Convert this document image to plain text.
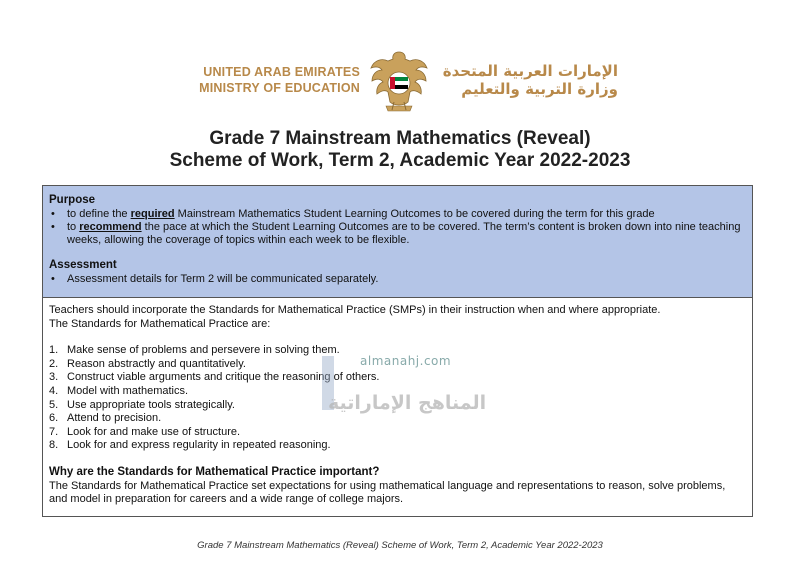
UNITED ARAB EMIRATES
MINISTRY OF EDUCATION
الإمارات العربية المتحدة
وزارة التربية والتعليم
Grade 7 Mainstream Mathematics (Reveal)
Scheme of Work, Term 2, Academic Year 2022-2023
Purpose
• to define the required Mainstream Mathematics Student Learning Outcomes to be covered during the term for this grade
• to recommend the pace at which the Student Learning Outcomes are to be covered. The term’s content is broken down into nine teaching weeks, allowing the coverage of topics within each week to be flexible.
Assessment
• Assessment details for Term 2 will be communicated separately.
Teachers should incorporate the Standards for Mathematical Practice (SMPs) in their instruction when and where appropriate.
The Standards for Mathematical Practice are:
1. Make sense of problems and persevere in solving them.
2. Reason abstractly and quantitatively.
3. Construct viable arguments and critique the reasoning of others.
4. Model with mathematics.
5. Use appropriate tools strategically.
6. Attend to precision.
7. Look for and make use of structure.
8. Look for and express regularity in repeated reasoning.
Why are the Standards for Mathematical Practice important?
The Standards for Mathematical Practice set expectations for using mathematical language and representations to reason, solve problems, and model in preparation for careers and a wide range of college majors.
almanahj.com
المناهج الإماراتية
Grade 7 Mainstream Mathematics (Reveal) Scheme of Work, Term 2, Academic Year 2022-2023
